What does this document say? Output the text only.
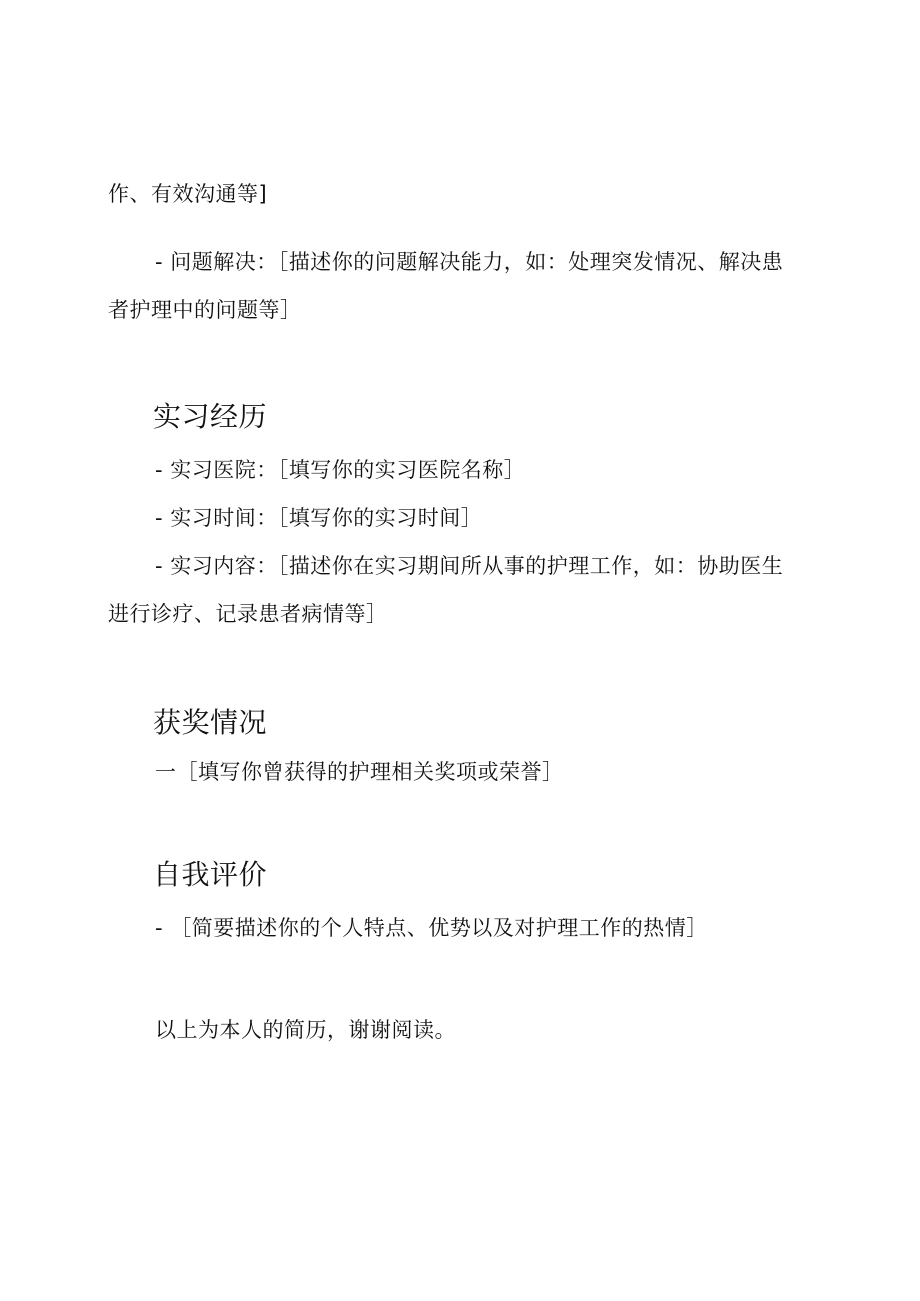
作、有效沟通等]
- 问题解决：［描述你的问题解决能力，如：处理突发情况、解决患
者护理中的问题等］
实习经历
- 实习医院：［填写你的实习医院名称］
- 实习时间：［填写你的实习时间］
- 实习内容：［描述你在实习期间所从事的护理工作，如：协助医生
进行诊疗、记录患者病情等］
获奖情况
一［填写你曾获得的护理相关奖项或荣誉］
自我评价
- ［简要描述你的个人特点、优势以及对护理工作的热情］
以上为本人的简历，谢谢阅读。
